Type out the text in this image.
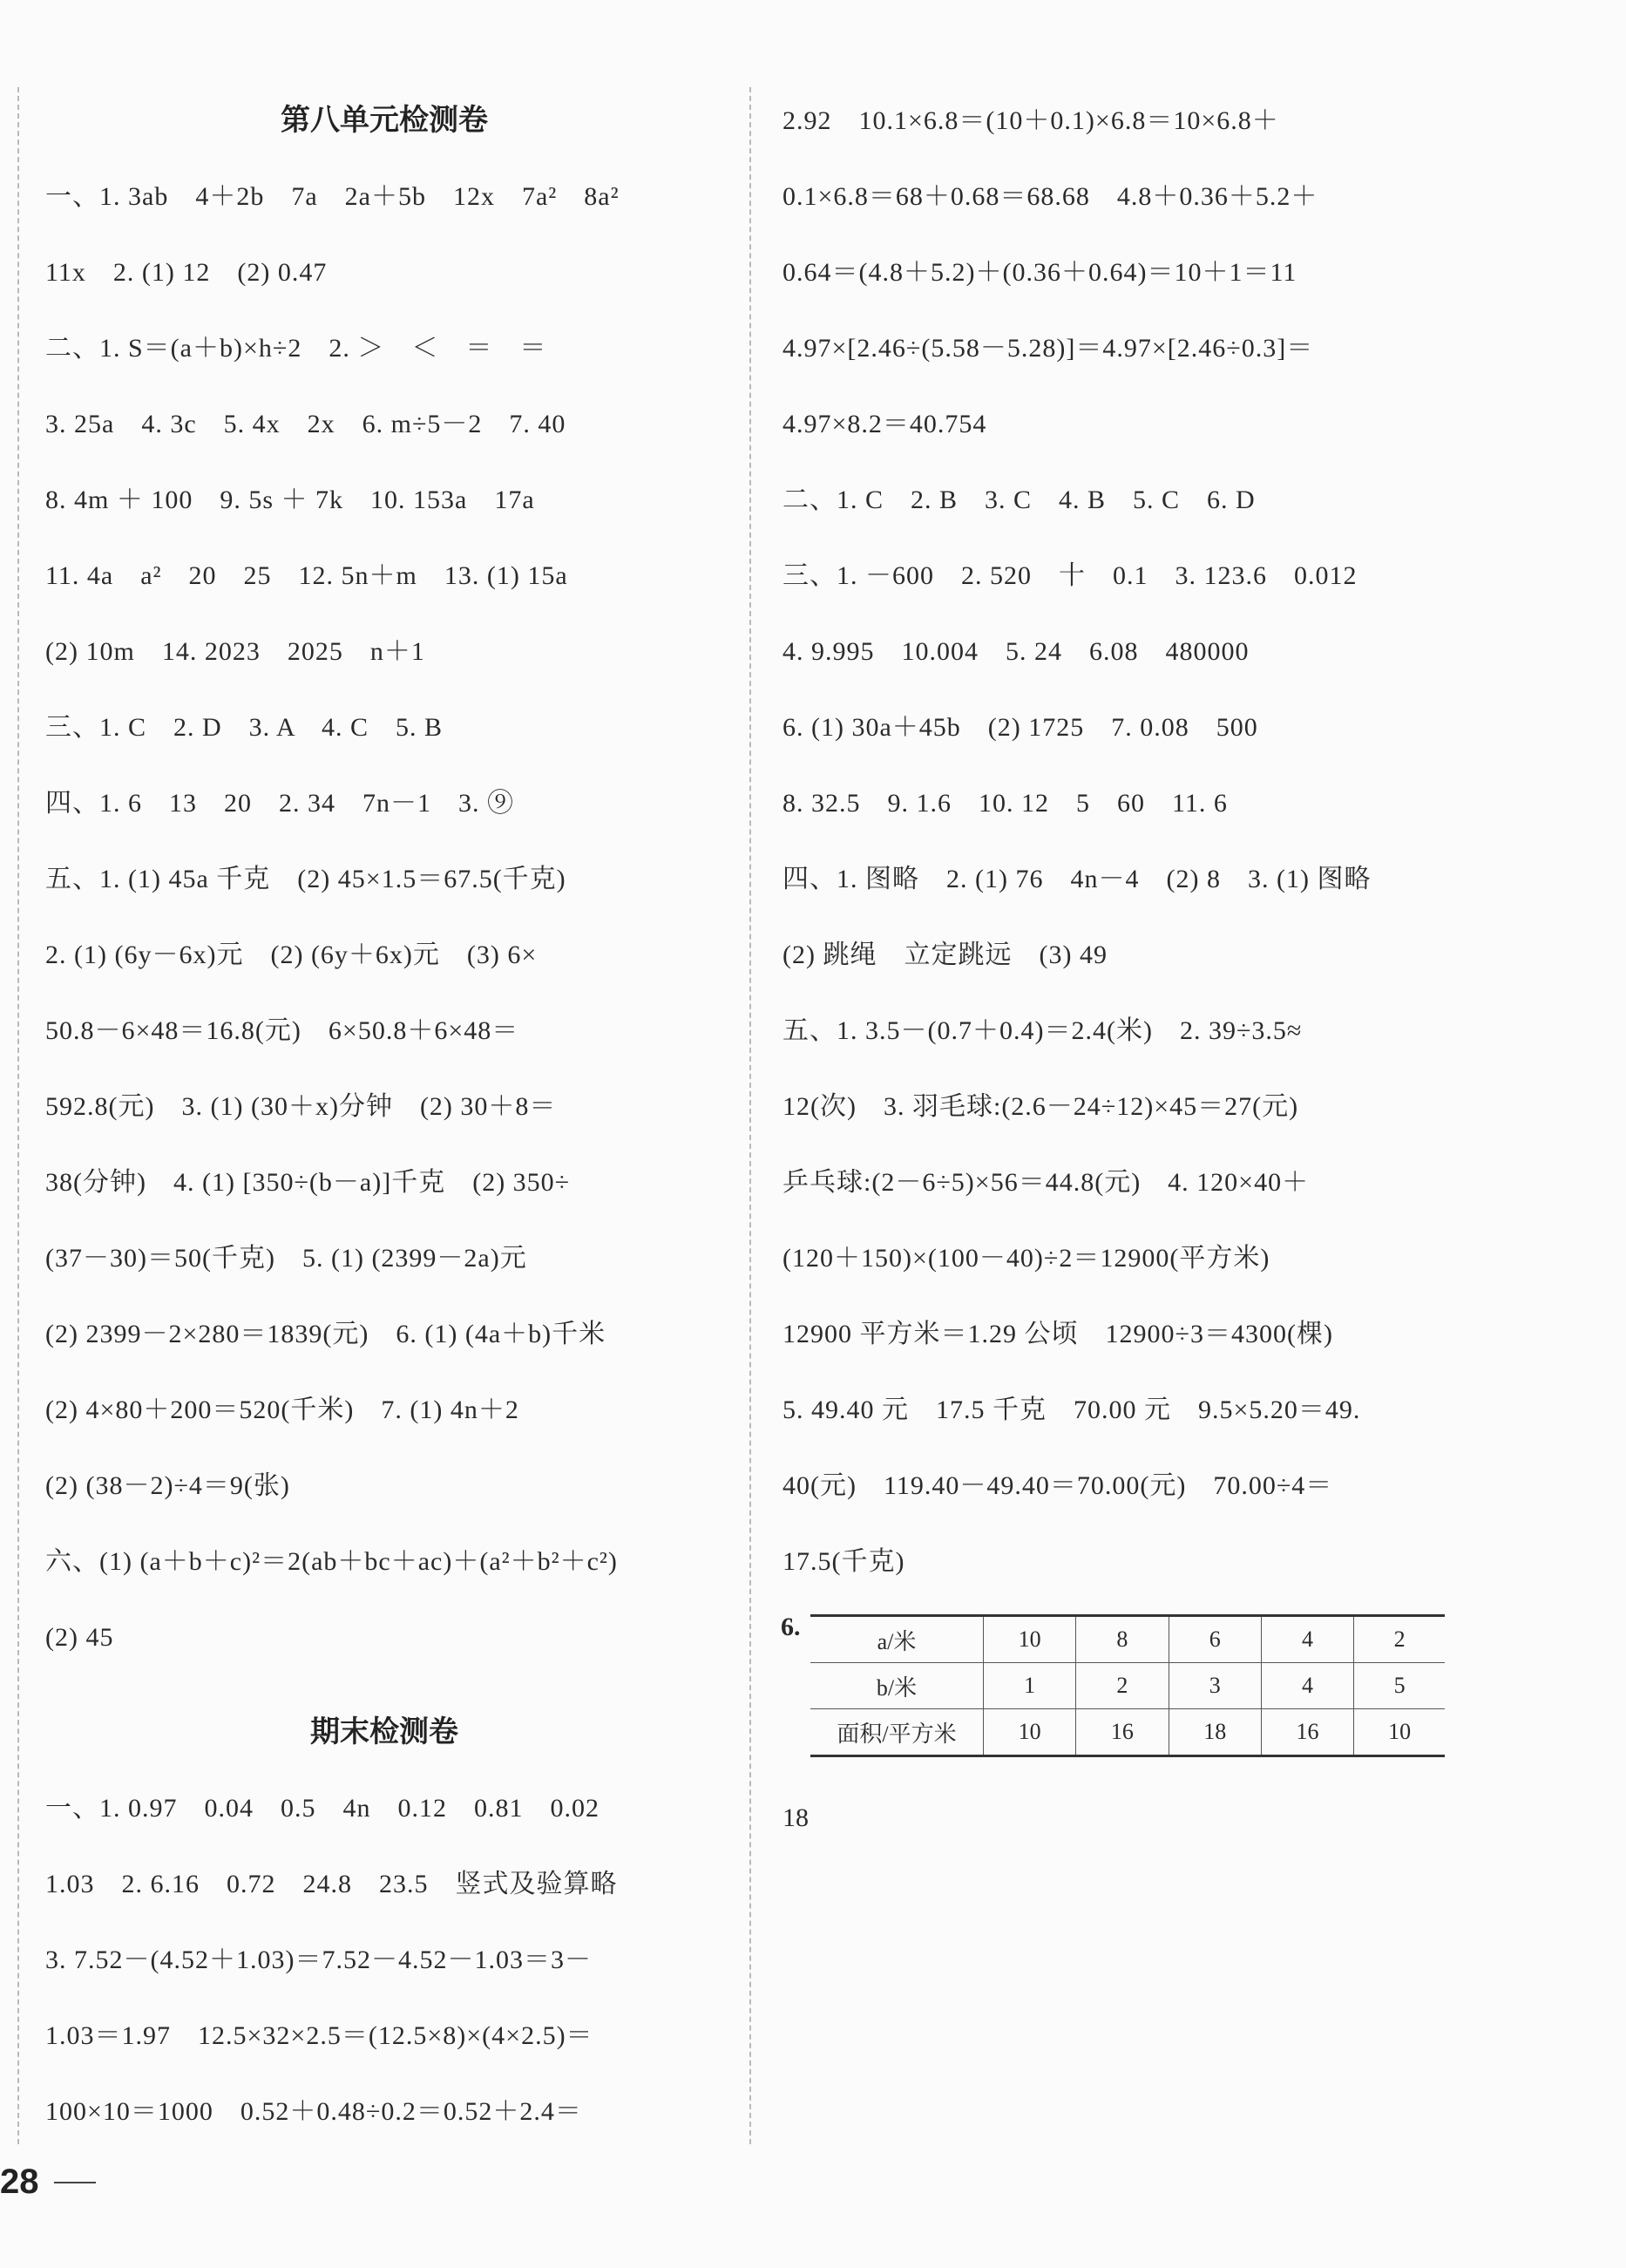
第八单元检测卷
一、1. 3ab　4＋2b　7a　2a＋5b　12x　7a²　8a²
11x　2. (1) 12　(2) 0.47
二、1. S＝(a＋b)×h÷2　2. ＞　＜　＝　＝
3. 25a　4. 3c　5. 4x　2x　6. m÷5－2　7. 40
8. 4m ＋ 100　9. 5s ＋ 7k　10. 153a　17a
11. 4a　a²　20　25　12. 5n＋m　13. (1) 15a
(2) 10m　14. 2023　2025　n＋1
三、1. C　2. D　3. A　4. C　5. B
四、1. 6　13　20　2. 34　7n－1　3. ⑨
五、1. (1) 45a 千克　(2) 45×1.5＝67.5(千克)
2. (1) (6y－6x)元　(2) (6y＋6x)元　(3) 6×
50.8－6×48＝16.8(元)　6×50.8＋6×48＝
592.8(元)　3. (1) (30＋x)分钟　(2) 30＋8＝
38(分钟)　4. (1) [350÷(b－a)]千克　(2) 350÷
(37－30)＝50(千克)　5. (1) (2399－2a)元
(2) 2399－2×280＝1839(元)　6. (1) (4a＋b)千米
(2) 4×80＋200＝520(千米)　7. (1) 4n＋2
(2) (38－2)÷4＝9(张)
六、(1) (a＋b＋c)²＝2(ab＋bc＋ac)＋(a²＋b²＋c²)
(2) 45
期末检测卷
一、1. 0.97　0.04　0.5　4n　0.12　0.81　0.02
1.03　2. 6.16　0.72　24.8　23.5　竖式及验算略
3. 7.52－(4.52＋1.03)＝7.52－4.52－1.03＝3－
1.03＝1.97　12.5×32×2.5＝(12.5×8)×(4×2.5)＝
100×10＝1000　0.52＋0.48÷0.2＝0.52＋2.4＝
2.92　10.1×6.8＝(10＋0.1)×6.8＝10×6.8＋
0.1×6.8＝68＋0.68＝68.68　4.8＋0.36＋5.2＋
0.64＝(4.8＋5.2)＋(0.36＋0.64)＝10＋1＝11
4.97×[2.46÷(5.58－5.28)]＝4.97×[2.46÷0.3]＝
4.97×8.2＝40.754
二、1. C　2. B　3. C　4. B　5. C　6. D
三、1. －600　2. 520　十　0.1　3. 123.6　0.012
4. 9.995　10.004　5. 24　6.08　480000
6. (1) 30a＋45b　(2) 1725　7. 0.08　500
8. 32.5　9. 1.6　10. 12　5　60　11. 6
四、1. 图略　2. (1) 76　4n－4　(2) 8　3. (1) 图略
(2) 跳绳　立定跳远　(3) 49
五、1. 3.5－(0.7＋0.4)＝2.4(米)　2. 39÷3.5≈
12(次)　3. 羽毛球:(2.6－24÷12)×45＝27(元)
乒乓球:(2－6÷5)×56＝44.8(元)　4. 120×40＋
(120＋150)×(100－40)÷2＝12900(平方米)
12900 平方米＝1.29 公顷　12900÷3＝4300(棵)
5. 49.40 元　17.5 千克　70.00 元　9.5×5.20＝49.
40(元)　119.40－49.40＝70.00(元)　70.00÷4＝
17.5(千克)
6.	a/米	10	8	6	4	2
b/米	1	2	3	4	5
面积/平方米	10	16	18	16	10
18
28
